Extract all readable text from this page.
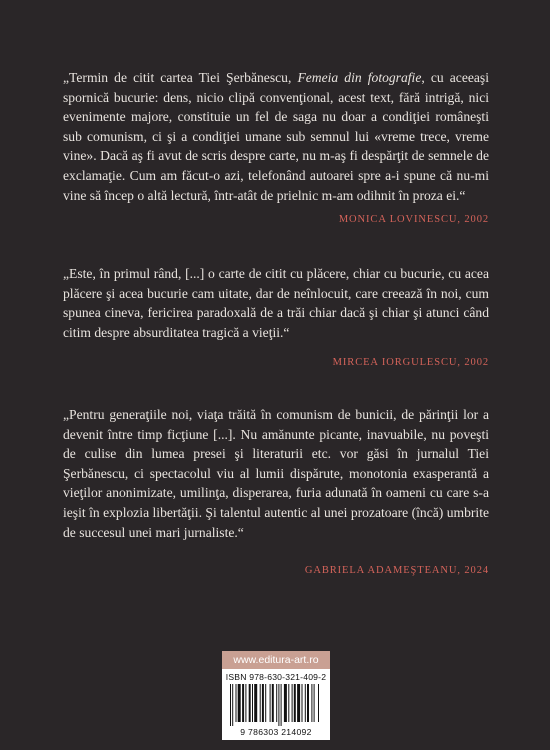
„Termin de citit cartea Tiei Şerbănescu, Femeia din fotografie, cu aceeaşi spornică bucurie: dens, nicio clipă convenţional, acest text, fără intrigă, nici evenimente majore, constituie un fel de saga nu doar a condiţiei româneşti sub comunism, ci şi a condiţiei umane sub semnul lui «vreme trece, vreme vine». Dacă aş fi avut de scris despre carte, nu m-aş fi despărţit de semnele de exclamaţie. Cum am făcut-o azi, telefonând autoarei spre a-i spune că nu-mi vine să încep o altă lectură, într-atât de prielnic m-am odihnit în proza ei.“

MONICA LOVINESCU, 2002

„Este, în primul rând, [...] o carte de citit cu plăcere, chiar cu bucurie, cu acea plăcere şi acea bucurie cam uitate, dar de neînlocuit, care creează în noi, cum spunea cineva, fericirea paradoxală de a trăi chiar dacă şi chiar şi atunci când citim despre absurditatea tragică a vieţii.“

MIRCEA IORGULESCU, 2002

„Pentru generaţiile noi, viaţa trăită în comunism de bunicii, de părinţii lor a devenit între timp ficţiune [...]. Nu amănunte picante, inavuabile, nu poveşti de culise din lumea presei şi literaturii etc. vor găsi în jurnalul Tiei Şerbănescu, ci spectacolul viu al lumii dispărute, monotonia exasperantă a vieţilor anonimizate, umilinţa, disperarea, furia adunată în oameni cu care s-a ieşit în explozia libertăţii. Şi talentul autentic al unei prozatoare (încă) umbrite de succesul unei mari jurnaliste.“

GABRIELA ADAMEŞTEANU, 2024
www.editura-art.ro
ISBN 978-630-321-409-2
9 786303 214092
